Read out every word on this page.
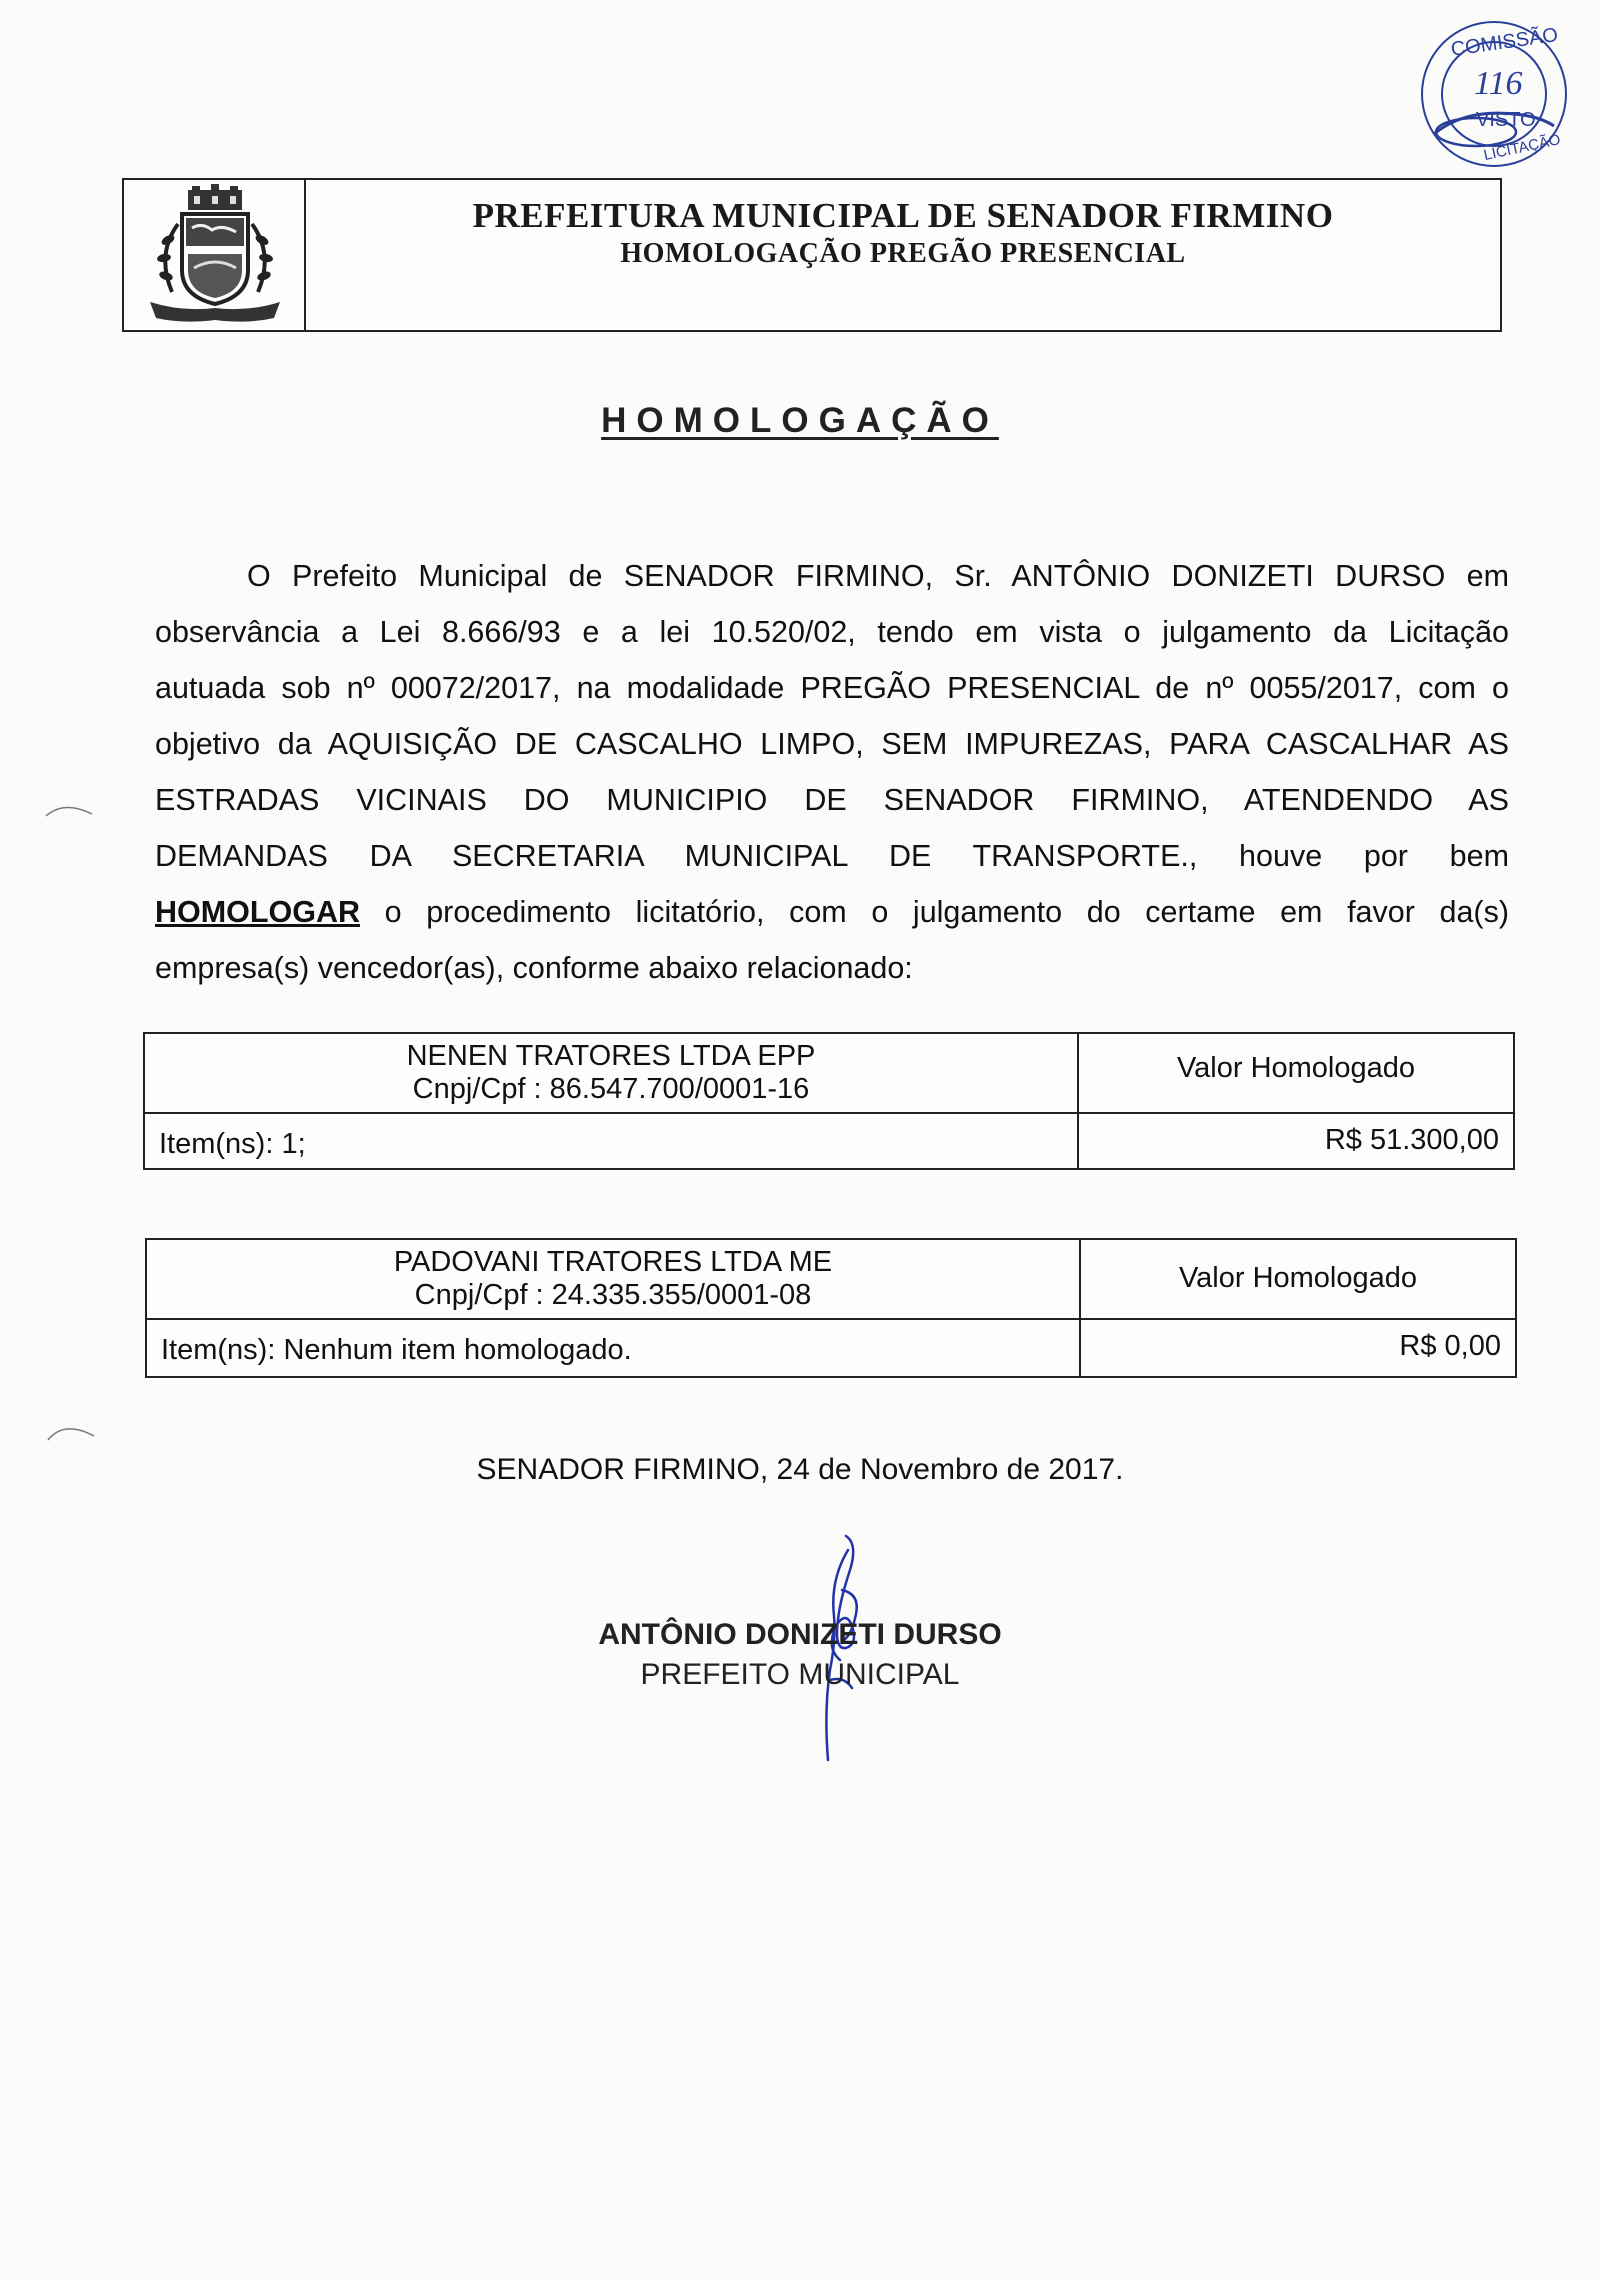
COMISSÃO
116
VISTO
LICITAÇÃO
PREFEITURA MUNICIPAL DE SENADOR FIRMINO
HOMOLOGAÇÃO PREGÃO PRESENCIAL
HOMOLOGAÇÃO
O Prefeito Municipal de SENADOR FIRMINO, Sr. ANTÔNIO DONIZETI DURSO em
observância a Lei 8.666/93 e a lei 10.520/02, tendo em vista o julgamento da Licitação
autuada sob nº 00072/2017, na modalidade PREGÃO PRESENCIAL de nº 0055/2017, com o
objetivo da AQUISIÇÃO DE CASCALHO LIMPO, SEM IMPUREZAS, PARA CASCALHAR AS
ESTRADAS VICINAIS DO MUNICIPIO DE SENADOR FIRMINO, ATENDENDO AS
DEMANDAS DA SECRETARIA MUNICIPAL DE TRANSPORTE., houve por bem
HOMOLOGAR o procedimento licitatório, com o julgamento do certame em favor da(s)
empresa(s) vencedor(as), conforme abaixo relacionado:
NENEN TRATORES LTDA EPP
Cnpj/Cpf : 86.547.700/0001-16
Valor Homologado
Item(ns): 1;	R$ 51.300,00
PADOVANI TRATORES LTDA ME
Cnpj/Cpf : 24.335.355/0001-08
Valor Homologado
Item(ns): Nenhum item homologado.	R$ 0,00
SENADOR FIRMINO, 24 de Novembro de 2017.
ANTÔNIO DONIZETI DURSO
PREFEITO MUNICIPAL
